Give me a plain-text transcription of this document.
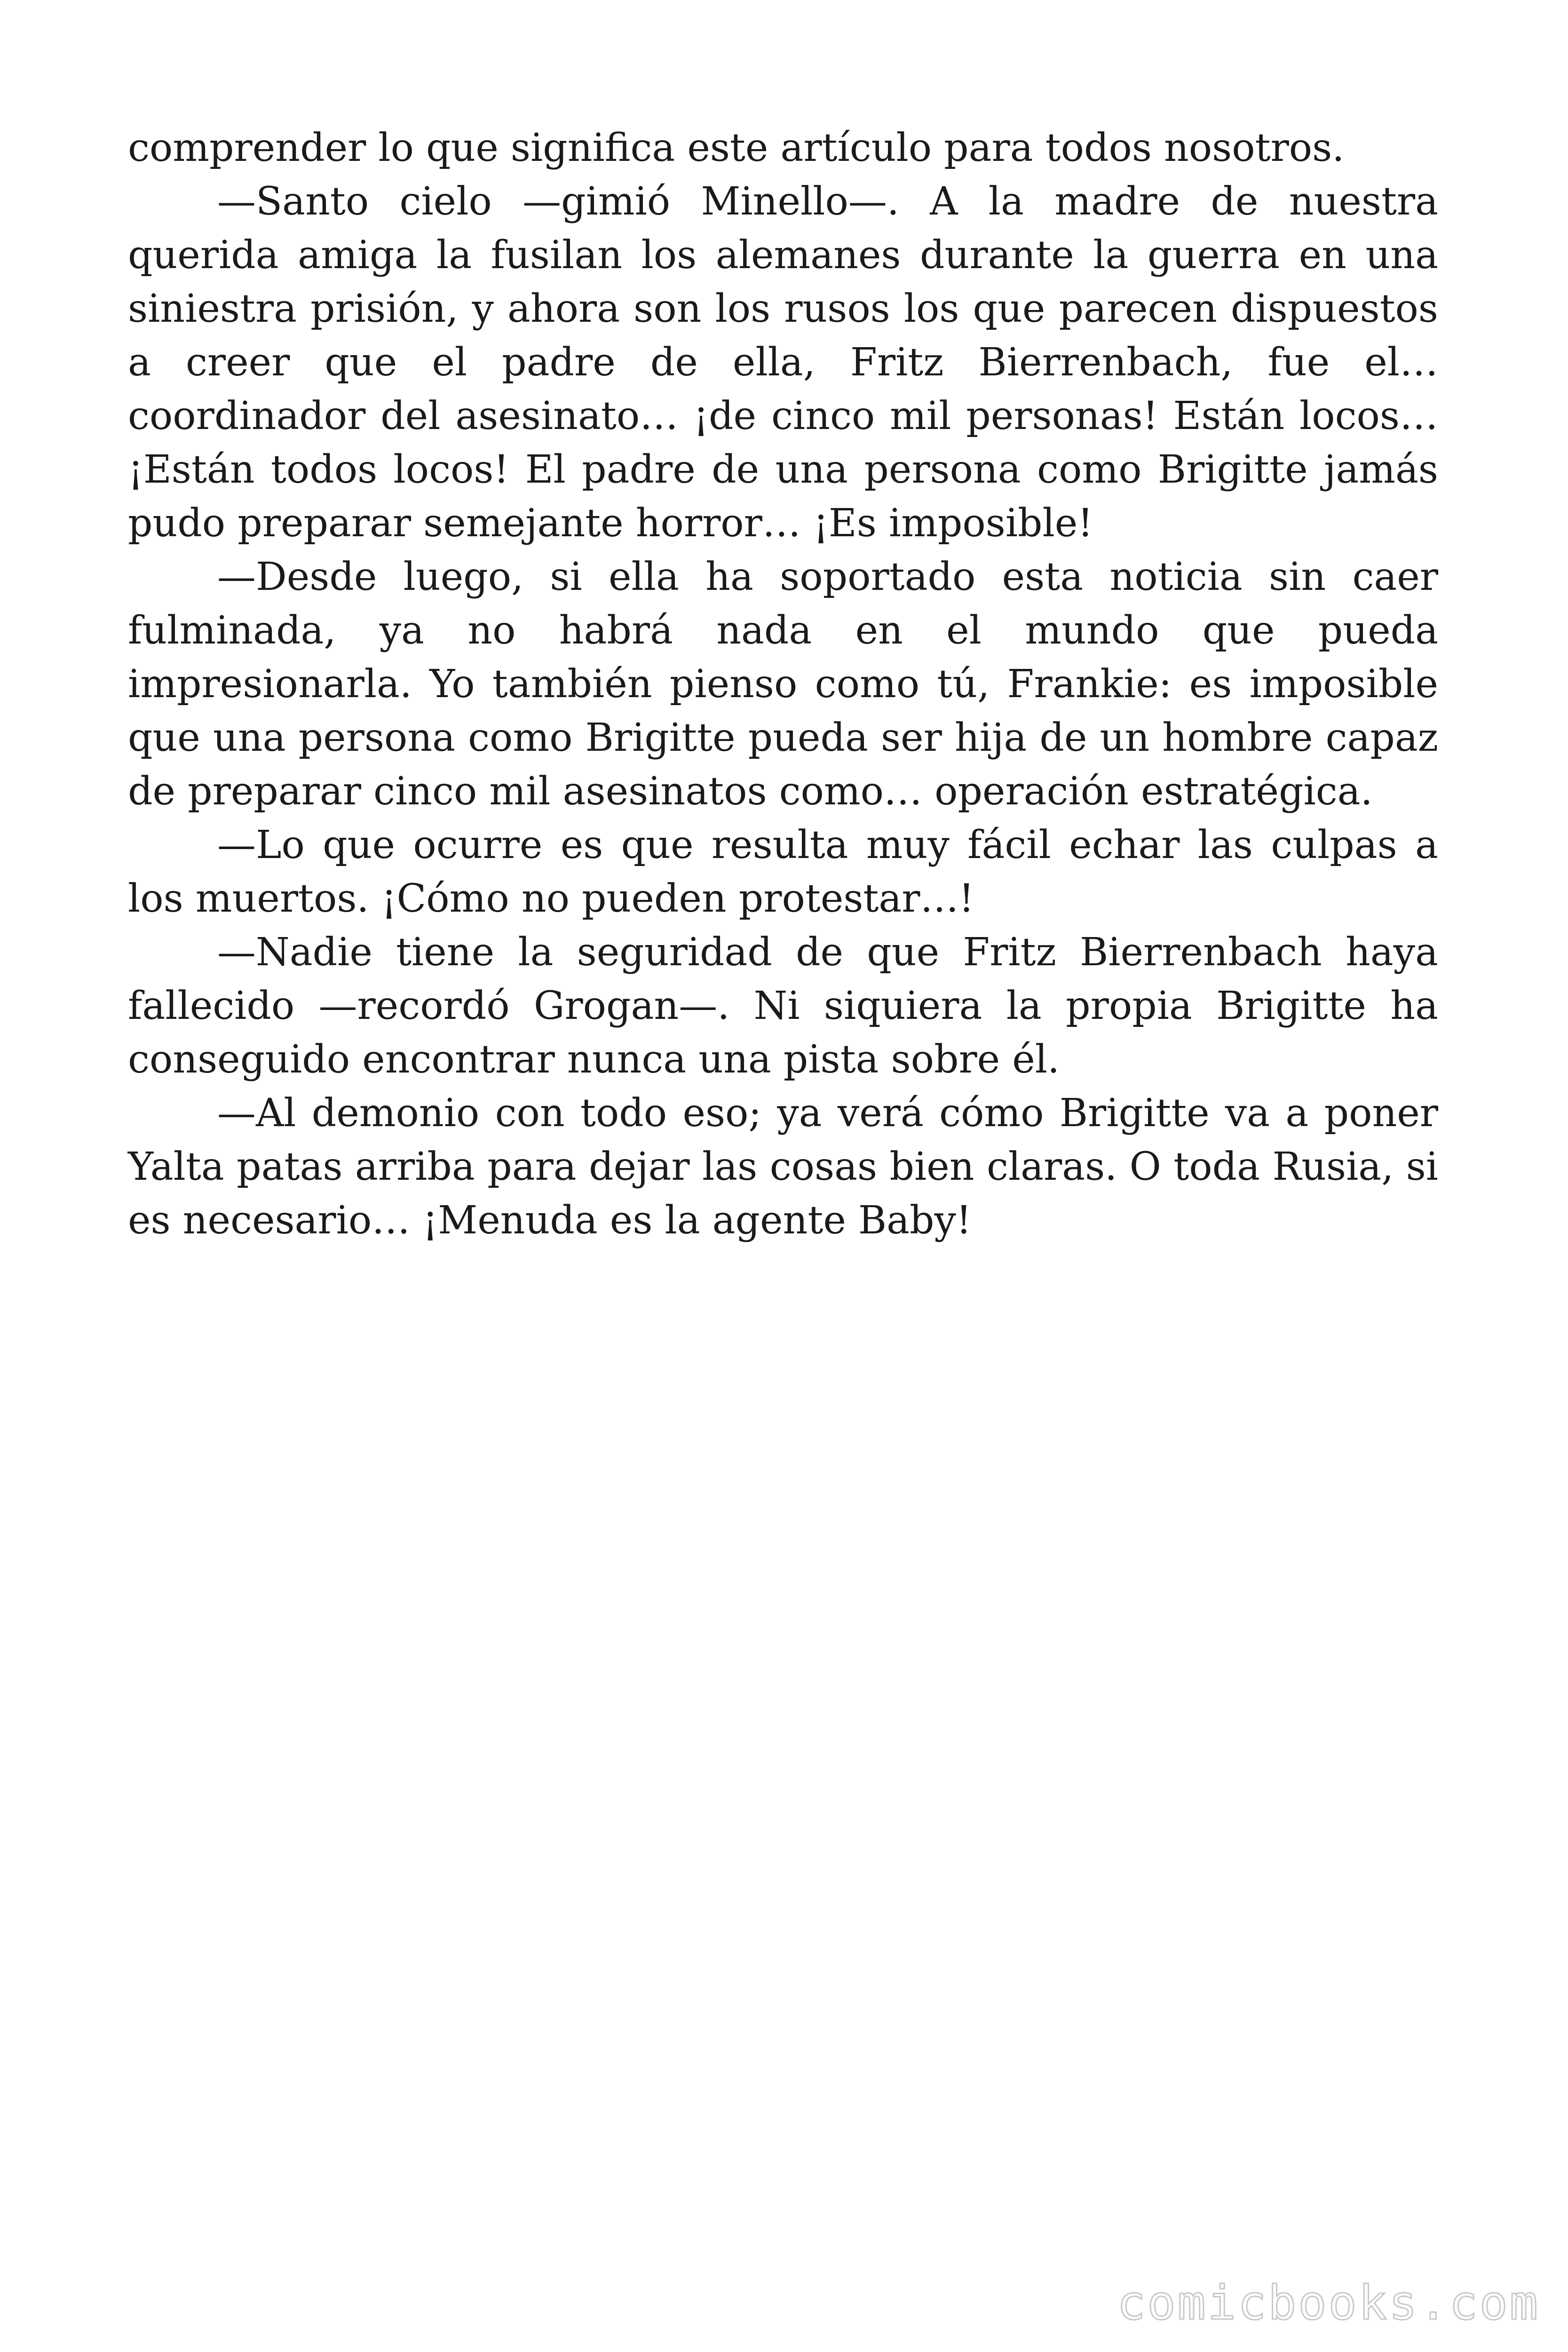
comprender lo que significa este artículo para todos nosotros.

—Santo cielo —gimió Minello—. A la madre de nuestra querida amiga la fusilan los alemanes durante la guerra en una siniestra prisión, y ahora son los rusos los que parecen dispuestos a creer que el padre de ella, Fritz Bierrenbach, fue el… coordinador del asesinato… ¡de cinco mil personas! Están locos… ¡Están todos locos! El padre de una persona como Brigitte jamás pudo preparar semejante horror… ¡Es imposible!

—Desde luego, si ella ha soportado esta noticia sin caer fulminada, ya no habrá nada en el mundo que pueda impresionarla. Yo también pienso como tú, Frankie: es imposible que una persona como Brigitte pueda ser hija de un hombre capaz de preparar cinco mil asesinatos como… operación estratégica.

—Lo que ocurre es que resulta muy fácil echar las culpas a los muertos. ¡Cómo no pueden protestar…!

—Nadie tiene la seguridad de que Fritz Bierrenbach haya fallecido —recordó Grogan—. Ni siquiera la propia Brigitte ha conseguido encontrar nunca una pista sobre él.

—Al demonio con todo eso; ya verá cómo Brigitte va a poner Yalta patas arriba para dejar las cosas bien claras. O toda Rusia, si es necesario… ¡Menuda es la agente Baby!

comicbooks.com
